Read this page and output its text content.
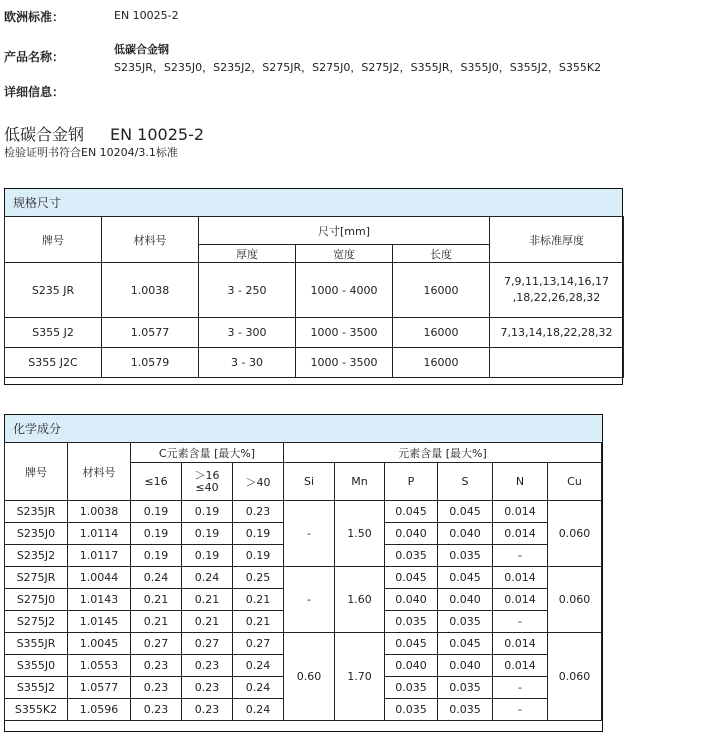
欧洲标准：	EN 10025-2
产品名称：
低碳合金钢
S235JR，S235J0，S235J2，S275JR，S275J0，S275J2，S355JR，S355J0，S355J2，S355K2
详细信息：
低碳合金钢 EN 10025-2
检验证明书符合EN 10204/3.1标准
规格尺寸
牌号	材料号	尺寸[mm]			非标准厚度
		厚度	宽度	长度	
S235 JR	1.0038	3 - 250	1000 - 4000	16000	7,9,11,13,14,16,17
,18,22,26,28,32

S355 J2	1.0577	3 - 300	1000 - 3500	16000	7,13,14,18,22,28,32
S355 J2C	1.0579	3 - 30	1000 - 3500	16000	
化学成分
牌号	材料号	C元素含量 [最大%]			元素含量 [最大%]					
		≤16	＞16
≤40	＞40	Si	Mn	P	S	N	Cu
S235JR	1.0038	0.19	0.19	0.23	-	1.50	0.045	0.045	0.014	0.060
S235J0	1.0114	0.19	0.19	0.19			0.040	0.040	0.014	
S235J2	1.0117	0.19	0.19	0.19			0.035	0.035	-	
S275JR	1.0044	0.24	0.24	0.25	-	1.60	0.045	0.045	0.014	0.060
S275J0	1.0143	0.21	0.21	0.21			0.040	0.040	0.014	
S275J2	1.0145	0.21	0.21	0.21			0.035	0.035	-	
S355JR	1.0045	0.27	0.27	0.27	0.60	1.70	0.045	0.045	0.014	0.060
S355J0	1.0553	0.23	0.23	0.24			0.040	0.040	0.014	
S355J2	1.0577	0.23	0.23	0.24			0.035	0.035	-	
S355K2	1.0596	0.23	0.23	0.24			0.035	0.035	-	
